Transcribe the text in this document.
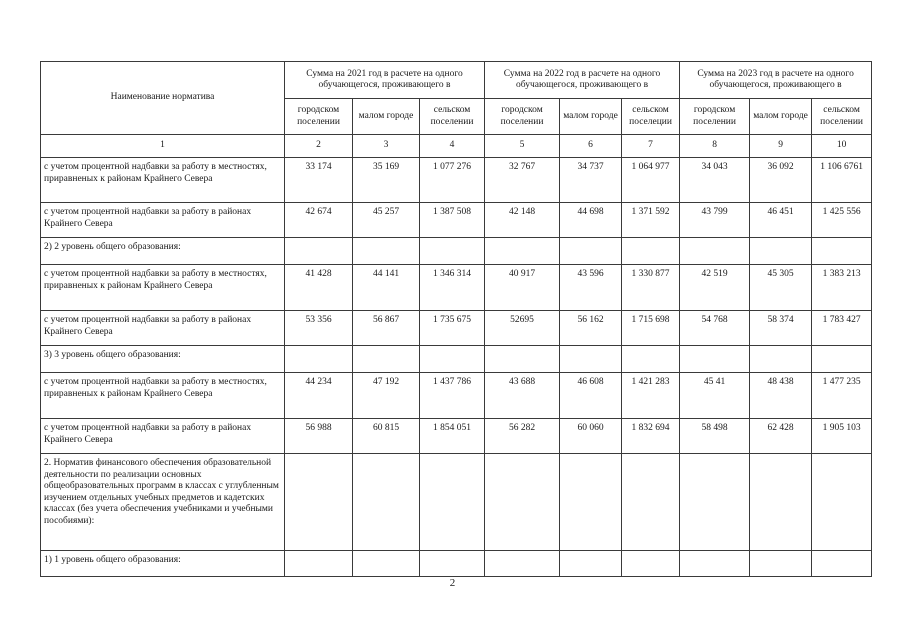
Наименование норматива	Сумма на 2021 год в расчете на одного обучающегося, проживающего в			Сумма на 2022 год в расчете на одного обучающегося, проживающего в			Сумма на 2023 год в расчете на одного обучающегося, проживающего в		
	городском поселении	малом городе	сельском поселении	городском поселении	малом городе	сельском поселеции	городском поселении	малом городе	сельском поселении
1	2	3	4	5	6	7	8	9	10
с учетом процентной надбавки за работу в местностях, приравненых к районам Крайнего Севера	33 174	35 169	1 077 276	32 767	34 737	1 064 977	34 043	36 092	1 106 6761
с учетом процентной надбавки за работу в районах Крайнего Севера	42 674	45 257	1 387 508	42 148	44 698	1 371 592	43 799	46 451	1 425 556
2) 2 уровень общего образования:									
с учетом процентной надбавки за работу в местностях, приравненых к районам Крайнего Севера	41 428	44 141	1 346 314	40 917	43 596	1 330 877	42 519	45 305	1 383 213
с учетом процентной надбавки за работу в районах Крайнего Севера	53 356	56 867	1 735 675	52695	56 162	1 715 698	54 768	58 374	1 783 427
3) 3 уровень общего образования:									
с учетом процентной надбавки за работу в местностях, приравненых к районам Крайнего Севера	44 234	47 192	1 437 786	43 688	46 608	1 421 283	45 41	48 438	1 477 235
с учетом процентной надбавки за работу в районах Крайнего Севера	56 988	60 815	1 854 051	56 282	60 060	1 832 694	58 498	62 428	1 905 103
2. Норматив финансового обеспечения образовательной деятельности по реализации основных общеобразовательных программ в классах с углубленным изучением отдельных учебных предметов и кадетских классах (без учета обеспечения учебниками и учебными пособиями):									
1) 1 уровень общего образования:									
2
